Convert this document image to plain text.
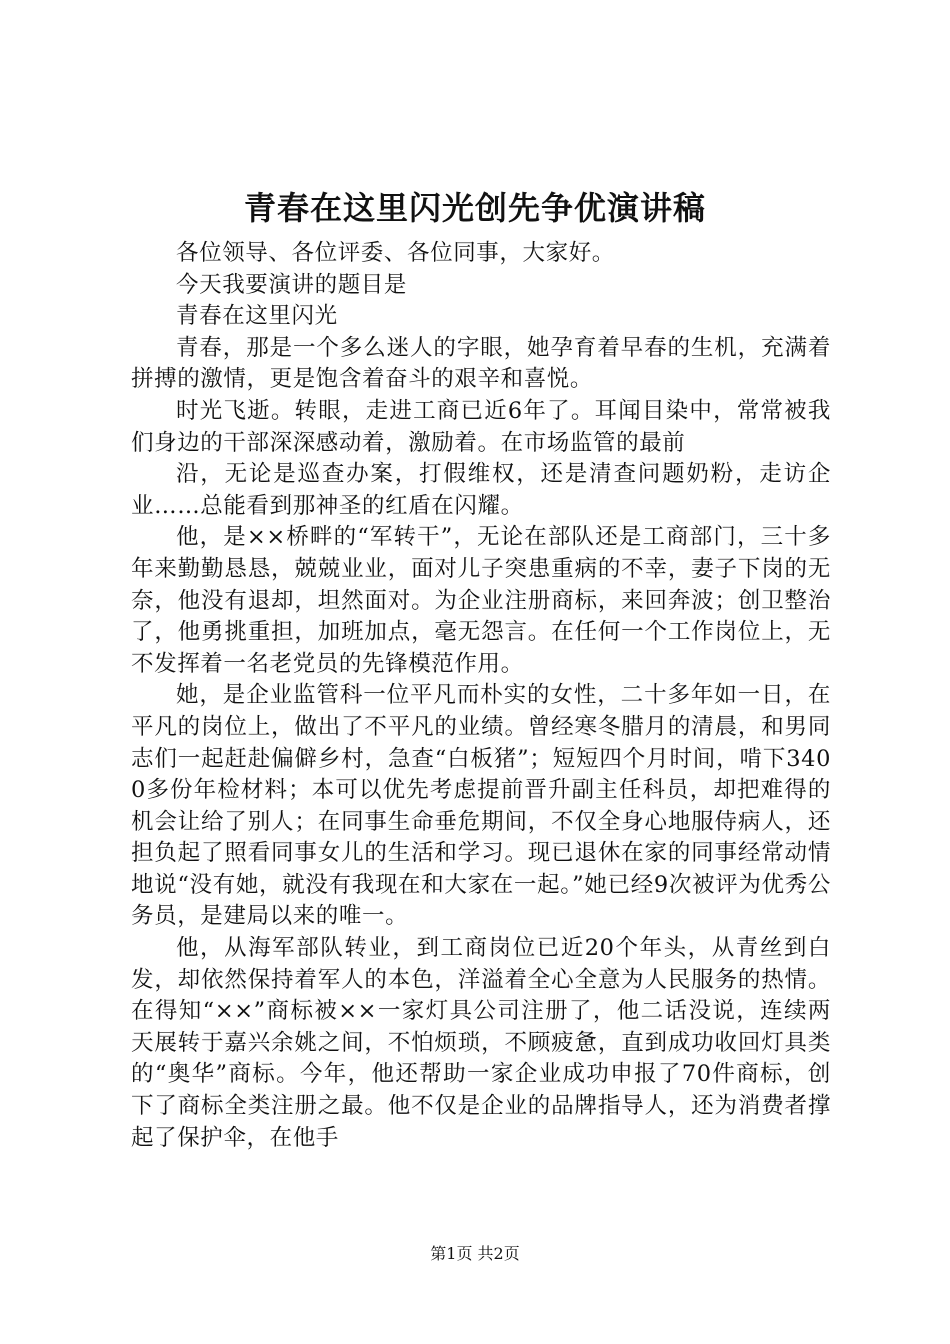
青春在这里闪光创先争优演讲稿

各位领导、各位评委、各位同事，大家好。

今天我要演讲的题目是

青春在这里闪光

青春，那是一个多么迷人的字眼，她孕育着早春的生机，充满着拼搏的激情，更是饱含着奋斗的艰辛和喜悦。

时光飞逝。转眼，走进工商已近6年了。耳闻目染中，常常被我们身边的干部深深感动着，激励着。在市场监管的最前

沿，无论是巡查办案，打假维权，还是清查问题奶粉，走访企业……总能看到那神圣的红盾在闪耀。

他，是××桥畔的“军转干”，无论在部队还是工商部门，三十多年来勤勤恳恳，兢兢业业，面对儿子突患重病的不幸，妻子下岗的无奈，他没有退却，坦然面对。为企业注册商标，来回奔波；创卫整治了，他勇挑重担，加班加点，毫无怨言。在任何一个工作岗位上，无不发挥着一名老党员的先锋模范作用。

她，是企业监管科一位平凡而朴实的女性，二十多年如一日，在平凡的岗位上，做出了不平凡的业绩。曾经寒冬腊月的清晨，和男同志们一起赶赴偏僻乡村，急查“白板猪”；短短四个月时间，啃下3400多份年检材料；本可以优先考虑提前晋升副主任科员，却把难得的机会让给了别人；在同事生命垂危期间，不仅全身心地服侍病人，还担负起了照看同事女儿的生活和学习。现已退休在家的同事经常动情地说“没有她，就没有我现在和大家在一起。”她已经9次被评为优秀公务员，是建局以来的唯一。

他，从海军部队转业，到工商岗位已近20个年头，从青丝到白发，却依然保持着军人的本色，洋溢着全心全意为人民服务的热情。在得知“××”商标被××一家灯具公司注册了，他二话没说，连续两天展转于嘉兴余姚之间，不怕烦琐，不顾疲惫，直到成功收回灯具类的“奥华”商标。今年，他还帮助一家企业成功申报了70件商标，创下了商标全类注册之最。他不仅是企业的品牌指导人，还为消费者撑起了保护伞，在他手

第1页 共2页
